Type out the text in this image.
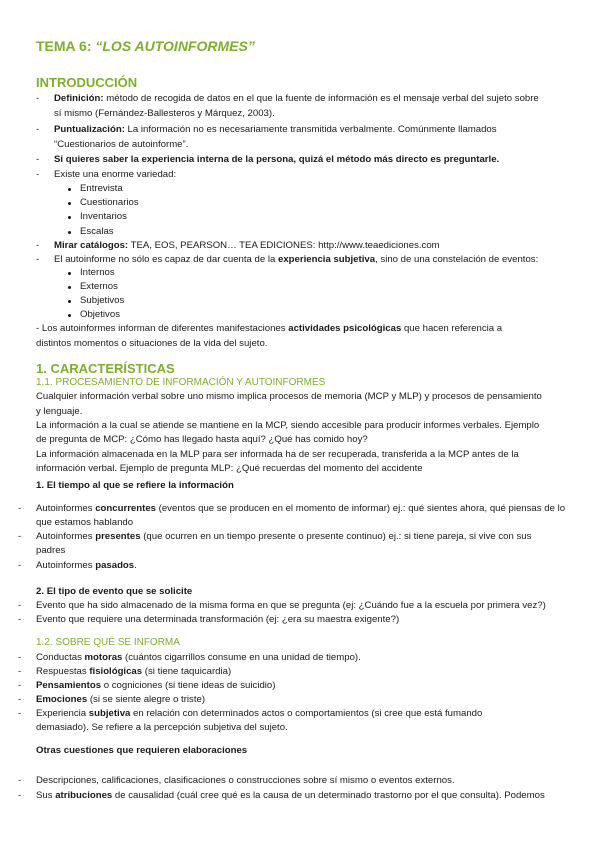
TEMA 6: “LOS AUTOINFORMES”
INTRODUCCIÓN
- Definición: método de recogida de datos en el que la fuente de información es el mensaje verbal del sujeto sobre
sí mismo (Fernández-Ballesteros y Márquez, 2003).
- Puntualización: La información no es necesariamente transmitida verbalmente. Comúnmente llamados
“Cuestionarios de autoinforme”.
- Si quieres saber la experiencia interna de la persona, quizá el método más directo es preguntarle.
- Existe una enorme variedad:
Entrevista
Cuestionarios
Inventarios
Escalas
- Mirar catálogos: TEA, EOS, PEARSON… TEA EDICIONES: http://www.teaediciones.com
- El autoinforme no sólo es capaz de dar cuenta de la experiencia subjetiva, sino de una constelación de eventos:
Internos
Externos
Subjetivos
Objetivos
- Los autoinformes informan de diferentes manifestaciones actividades psicológicas que hacen referencia a
distintos momentos o situaciones de la vida del sujeto.
1. CARACTERÍSTICAS
1.1. PROCESAMIENTO DE INFORMACIÓN Y AUTOINFORMES
Cualquier información verbal sobre uno mismo implica procesos de memoria (MCP y MLP) y procesos de pensamiento
y lenguaje.
La información a la cual se atiende se mantiene en la MCP, siendo accesible para producir informes verbales. Ejemplo
de pregunta de MCP: ¿Cómo has llegado hasta aquí? ¿Qué has comido hoy?
La información almacenada en la MLP para ser informada ha de ser recuperada, transferida a la MCP antes de la
información verbal. Ejemplo de pregunta MLP: ¿Qué recuerdas del momento del accidente
1. El tiempo al que se refiere la información
- Autoinformes concurrentes (eventos que se producen en el momento de informar) ej.: qué sientes ahora, qué piensas de lo
que estamos hablando
- Autoinformes presentes (que ocurren en un tiempo presente o presente continuo) ej.: si tiene pareja, si vive con sus
padres
- Autoinformes pasados.
2. El tipo de evento que se solicite
- Evento que ha sido almacenado de la misma forma en que se pregunta (ej: ¿Cuándo fue a la escuela por primera vez?)
- Evento que requiere una determinada transformación (ej: ¿era su maestra exigente?)
1.2. SOBRE QUÉ SE INFORMA
- Conductas motoras (cuántos cigarrillos consume en una unidad de tiempo).
- Respuestas fisiológicas (si tiene taquicardia)
- Pensamientos o cogniciones (si tiene ideas de suicidio)
- Emociones (si se siente alegre o triste)
- Experiencia subjetiva en relación con determinados actos o comportamientos (si cree que está fumando
demasiado). Se refiere a la percepción subjetiva del sujeto.
Otras cuestiones que requieren elaboraciones
- Descripciones, calificaciones, clasificaciones o construcciones sobre sí mismo o eventos externos.
- Sus atribuciones de causalidad (cuál cree qué es la causa de un determinado trastorno por el que consulta). Podemos
